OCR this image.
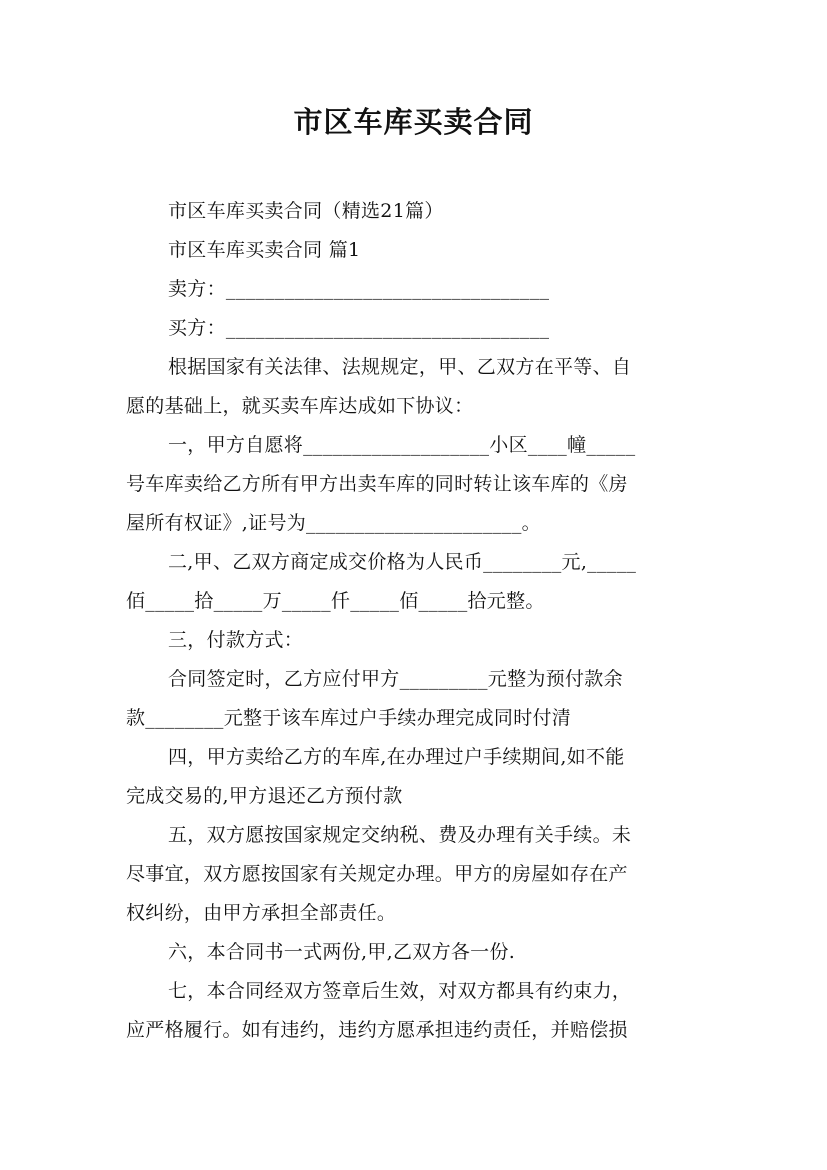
市区车库买卖合同

市区车库买卖合同（精选21篇）

市区车库买卖合同 篇1

卖方：_________________________________

买方：_________________________________

根据国家有关法律、法规规定，甲、乙双方在平等、自

愿的基础上，就买卖车库达成如下协议：

一，甲方自愿将___________________小区____幢_____

号车库卖给乙方所有甲方出卖车库的同时转让该车库的《房

屋所有权证》,证号为______________________。

二,甲、乙双方商定成交价格为人民币________元,_____

佰_____拾_____万_____仟_____佰_____拾元整。

三，付款方式：

合同签定时，乙方应付甲方_________元整为预付款余

款________元整于该车库过户手续办理完成同时付清

四，甲方卖给乙方的车库,在办理过户手续期间,如不能

完成交易的,甲方退还乙方预付款

五，双方愿按国家规定交纳税、费及办理有关手续。未

尽事宜，双方愿按国家有关规定办理。甲方的房屋如存在产

权纠纷，由甲方承担全部责任。

六，本合同书一式两份,甲,乙双方各一份.

七，本合同经双方签章后生效，对双方都具有约束力，

应严格履行。如有违约，违约方愿承担违约责任，并赔偿损
